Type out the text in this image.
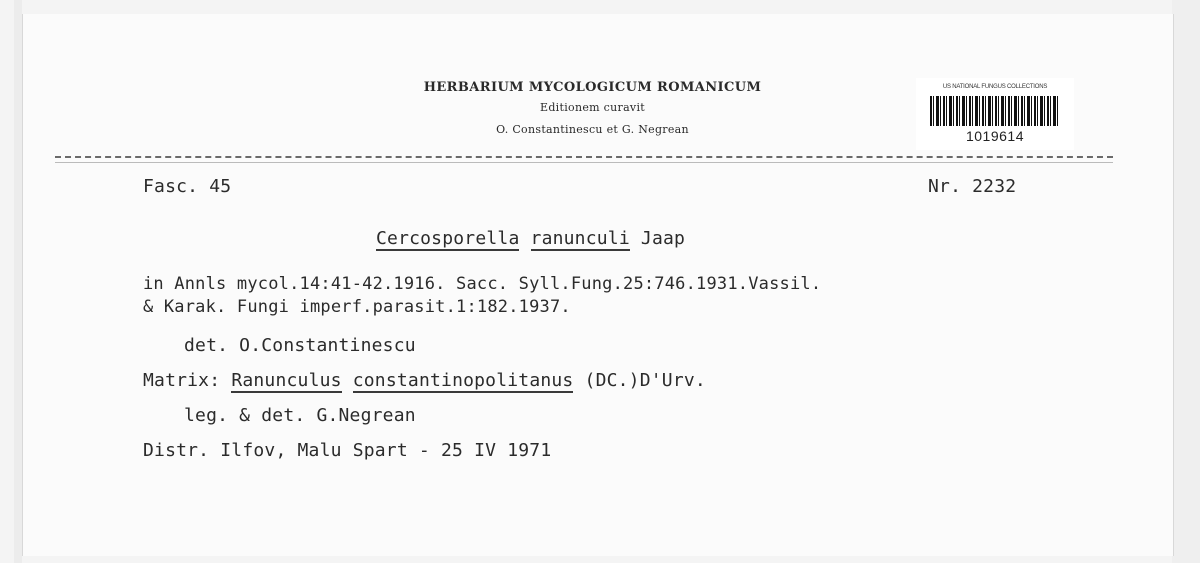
HERBARIUM MYCOLOGICUM ROMANICUM
Editionem curavit
O. Constantinescu et G. Negrean
US NATIONAL FUNGUS COLLECTIONS
1019614
Fasc. 45	Nr. 2232
Cercosporella ranunculi Jaap
in Annls mycol.14:41-42.1916. Sacc. Syll.Fung.25:746.1931.Vassil.
& Karak. Fungi imperf.parasit.1:182.1937.
det. O.Constantinescu
Matrix: Ranunculus constantinopolitanus (DC.)D'Urv.
leg. & det. G.Negrean
Distr. Ilfov, Malu Spart - 25 IV 1971
